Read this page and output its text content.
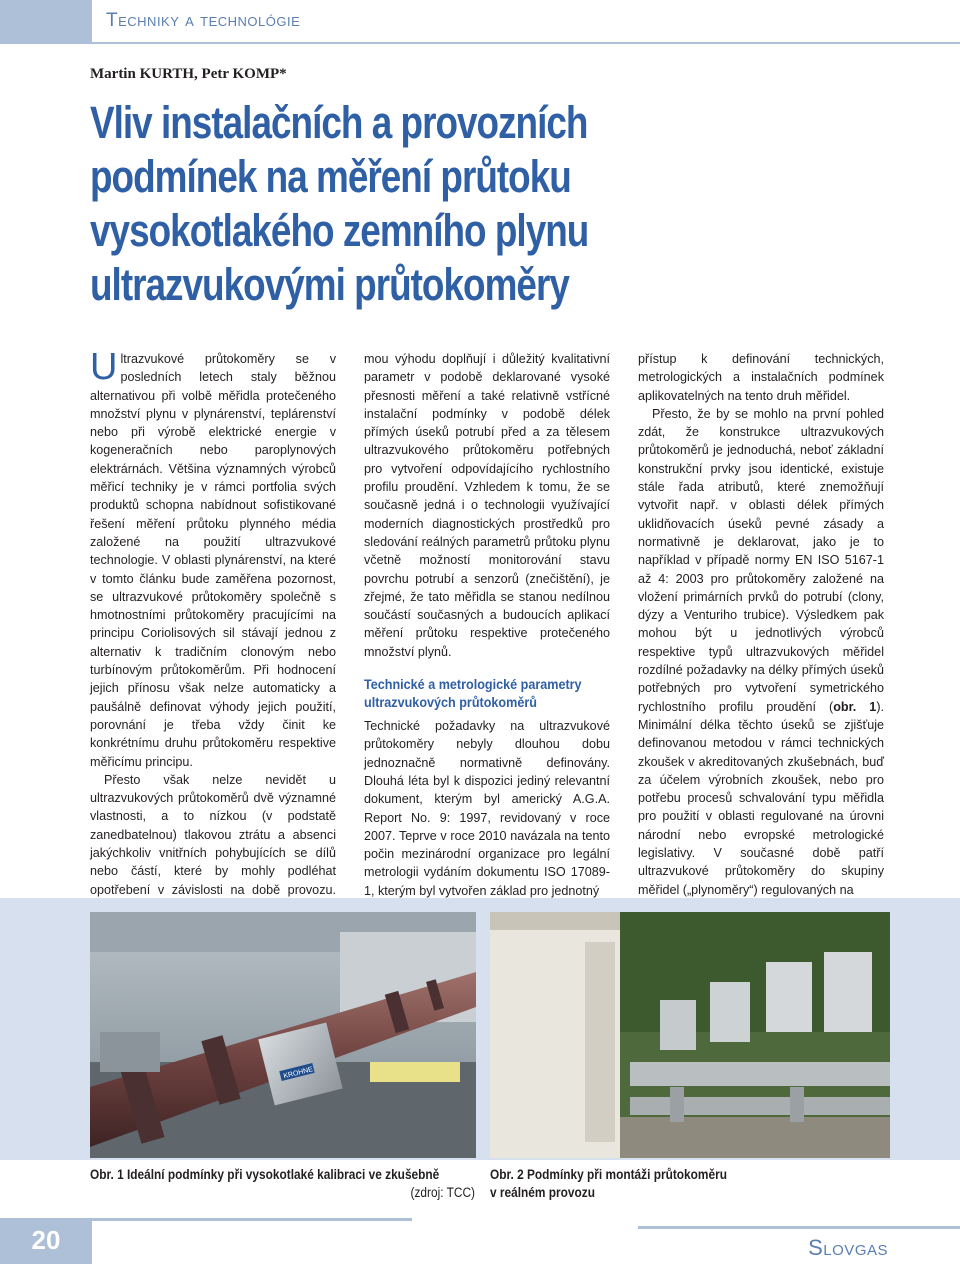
Techniky a technológie
Martin KURTH, Petr KOMP*
Vliv instalačních a provozních
podmínek na měření průtoku
vysokotlakého zemního plynu
ultrazvukovými průtokoměry

Ultrazvukové průtokoměry se v posledních letech staly běžnou alternativou při volbě měřidla protečeného množství plynu v plynárenství, teplárenství nebo při výrobě elektrické energie v kogeneračních nebo paroplynových elektrárnách. Většina významných výrobců měřicí techniky je v rámci portfolia svých produktů schopna nabídnout sofistikované řešení měření průtoku plynného média založené na použití ultrazvukové technologie. V oblasti plynárenství, na které v tomto článku bude zaměřena pozornost, se ultrazvukové průtokoměry společně s hmotnostními průtokoměry pracujícími na principu Coriolisových sil stávají jednou z alternativ k tradičním clonovým nebo turbínovým průtokoměrům. Při hodnocení jejich přínosu však nelze automaticky a paušálně definovat výhody jejich použití, porovnání je třeba vždy činit ke konkrétnímu druhu průtokoměru respektive měřicímu principu.

Přesto však nelze nevidět u ultrazvukových průtokoměrů dvě významné vlastnosti, a to nízkou (v podstatě zanedbatelnou) tlakovou ztrátu a absenci jakýchkoliv vnitřních pohybujících se dílů nebo částí, které by mohly podléhat opotřebení v závislosti na době provozu.

mou výhodu doplňují i důležitý kvalitativní parametr v podobě deklarované vysoké přesnosti měření a také relativně vstřícné instalační podmínky v podobě délek přímých úseků potrubí před a za tělesem ultrazvukového průtokoměru potřebných pro vytvoření odpovídajícího rychlostního profilu proudění. Vzhledem k tomu, že se současně jedná i o technologii využívající moderních diagnostických prostředků pro sledování reálných parametrů průtoku plynu včetně možností monitorování stavu povrchu potrubí a senzorů (znečištění), je zřejmé, že tato měřidla se stanou nedílnou součástí současných a budoucích aplikací měření průtoku respektive protečeného množství plynů.

Technické a metrologické parametry
ultrazvukových průtokoměrů

Technické požadavky na ultrazvukové průtokoměry nebyly dlouhou dobu jednoznačně normativně definovány. Dlouhá léta byl k dispozici jediný relevantní dokument, kterým byl americký A.G.A. Report No. 9: 1997, revidovaný v roce 2007. Teprve v roce 2010 navázala na tento počin mezinárodní organizace pro legální metrologii vydáním dokumentu ISO 17089-1, kterým byl vytvořen základ pro jednotný

přístup k definování technických, metrologických a instalačních podmínek aplikovatelných na tento druh měřidel.

Přesto, že by se mohlo na první pohled zdát, že konstrukce ultrazvukových průtokoměrů je jednoduchá, neboť základní konstrukční prvky jsou identické, existuje stále řada atributů, které znemožňují vytvořit např. v oblasti délek přímých uklidňovacích úseků pevné zásady a normativně je deklarovat, jako je to například v případě normy EN ISO 5167-1 až 4: 2003 pro průtokoměry založené na vložení primárních prvků do potrubí (clony, dýzy a Venturiho trubice). Výsledkem pak mohou být u jednotlivých výrobců respektive typů ultrazvukových měřidel rozdílné požadavky na délky přímých úseků potřebných pro vytvoření symetrického rychlostního profilu proudění (obr. 1). Minimální délka těchto úseků se zjišťuje definovanou metodou v rámci technických zkoušek v akreditovaných zkušebnách, buď za účelem výrobních zkoušek, nebo pro potřebu procesů schvalování typu měřidla pro použití v oblasti regulované na úrovni národní nebo evropské metrologické legislativy. V současné době patří ultrazvukové průtokoměry do skupiny měřidel („plynoměry“) regulovaných na

KROHNE
Obr. 1 Ideální podmínky při vysokotlaké kalibraci ve zkušebně
(zdroj: TCC)
Obr. 2 Podmínky při montáži průtokoměru
v reálném provozu
20	Slovgas
